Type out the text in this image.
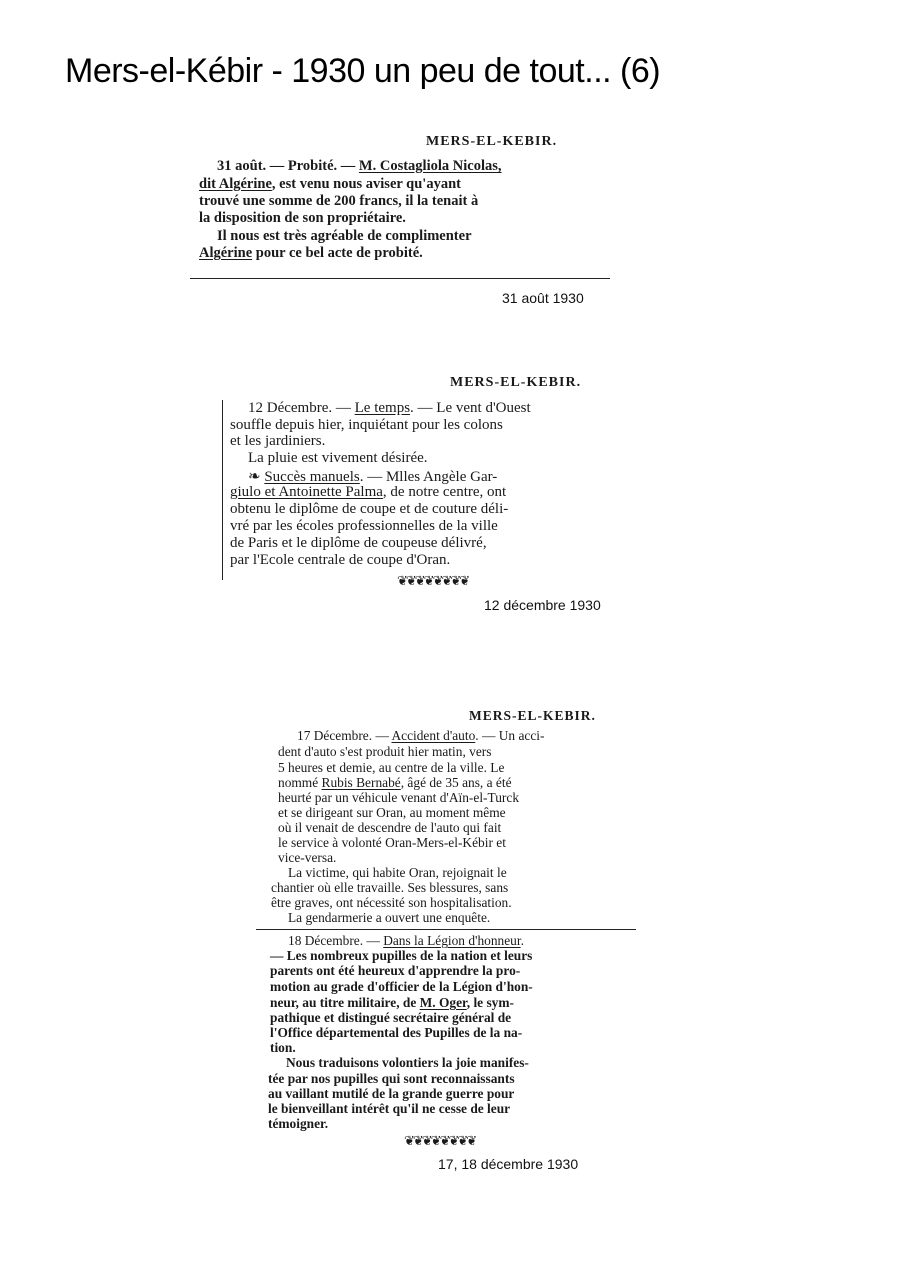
Mers-el-Kébir - 1930 un peu de tout... (6)
MERS-EL-KEBIR.
31 août. — Probité. — M. Costagliola Nicolas,
dit Algérine, est venu nous aviser qu'ayant
trouvé une somme de 200 francs, il la tenait à
la disposition de son propriétaire.
Il nous est très agréable de complimenter
Algérine pour ce bel acte de probité.
31 août 1930
MERS-EL-KEBIR.
12 Décembre. — Le temps. — Le vent d'Ouest
souffle depuis hier, inquiétant pour les colons
et les jardiniers.
La pluie est vivement désirée.
❧ Succès manuels. — Mlles Angèle Gar-
giulo et Antoinette Palma, de notre centre, ont
obtenu le diplôme de coupe et de couture déli-
vré par les écoles professionnelles de la ville
de Paris et le diplôme de coupeuse délivré,
par l'Ecole centrale de coupe d'Oran.
❦❦❦❦❦❦❦❦
12 décembre 1930
MERS-EL-KEBIR.
17 Décembre. — Accident d'auto. — Un acci-
dent d'auto s'est produit hier matin, vers
5 heures et demie, au centre de la ville. Le
nommé Rubis Bernabé, âgé de 35 ans, a été
heurté par un véhicule venant d'Aïn-el-Turck
et se dirigeant sur Oran, au moment même
où il venait de descendre de l'auto qui fait
le service à volonté Oran-Mers-el-Kébir et
vice-versa.
La victime, qui habite Oran, rejoignait le
chantier où elle travaille. Ses blessures, sans
être graves, ont nécessité son hospitalisation.
La gendarmerie a ouvert une enquête.
18 Décembre. — Dans la Légion d'honneur.
— Les nombreux pupilles de la nation et leurs
parents ont été heureux d'apprendre la pro-
motion au grade d'officier de la Légion d'hon-
neur, au titre militaire, de M. Oger, le sym-
pathique et distingué secrétaire général de
l'Office départemental des Pupilles de la na-
tion.
Nous traduisons volontiers la joie manifes-
tée par nos pupilles qui sont reconnaissants
au vaillant mutilé de la grande guerre pour
le bienveillant intérêt qu'il ne cesse de leur
témoigner.
❦❦❦❦❦❦❦❦
17, 18 décembre 1930
